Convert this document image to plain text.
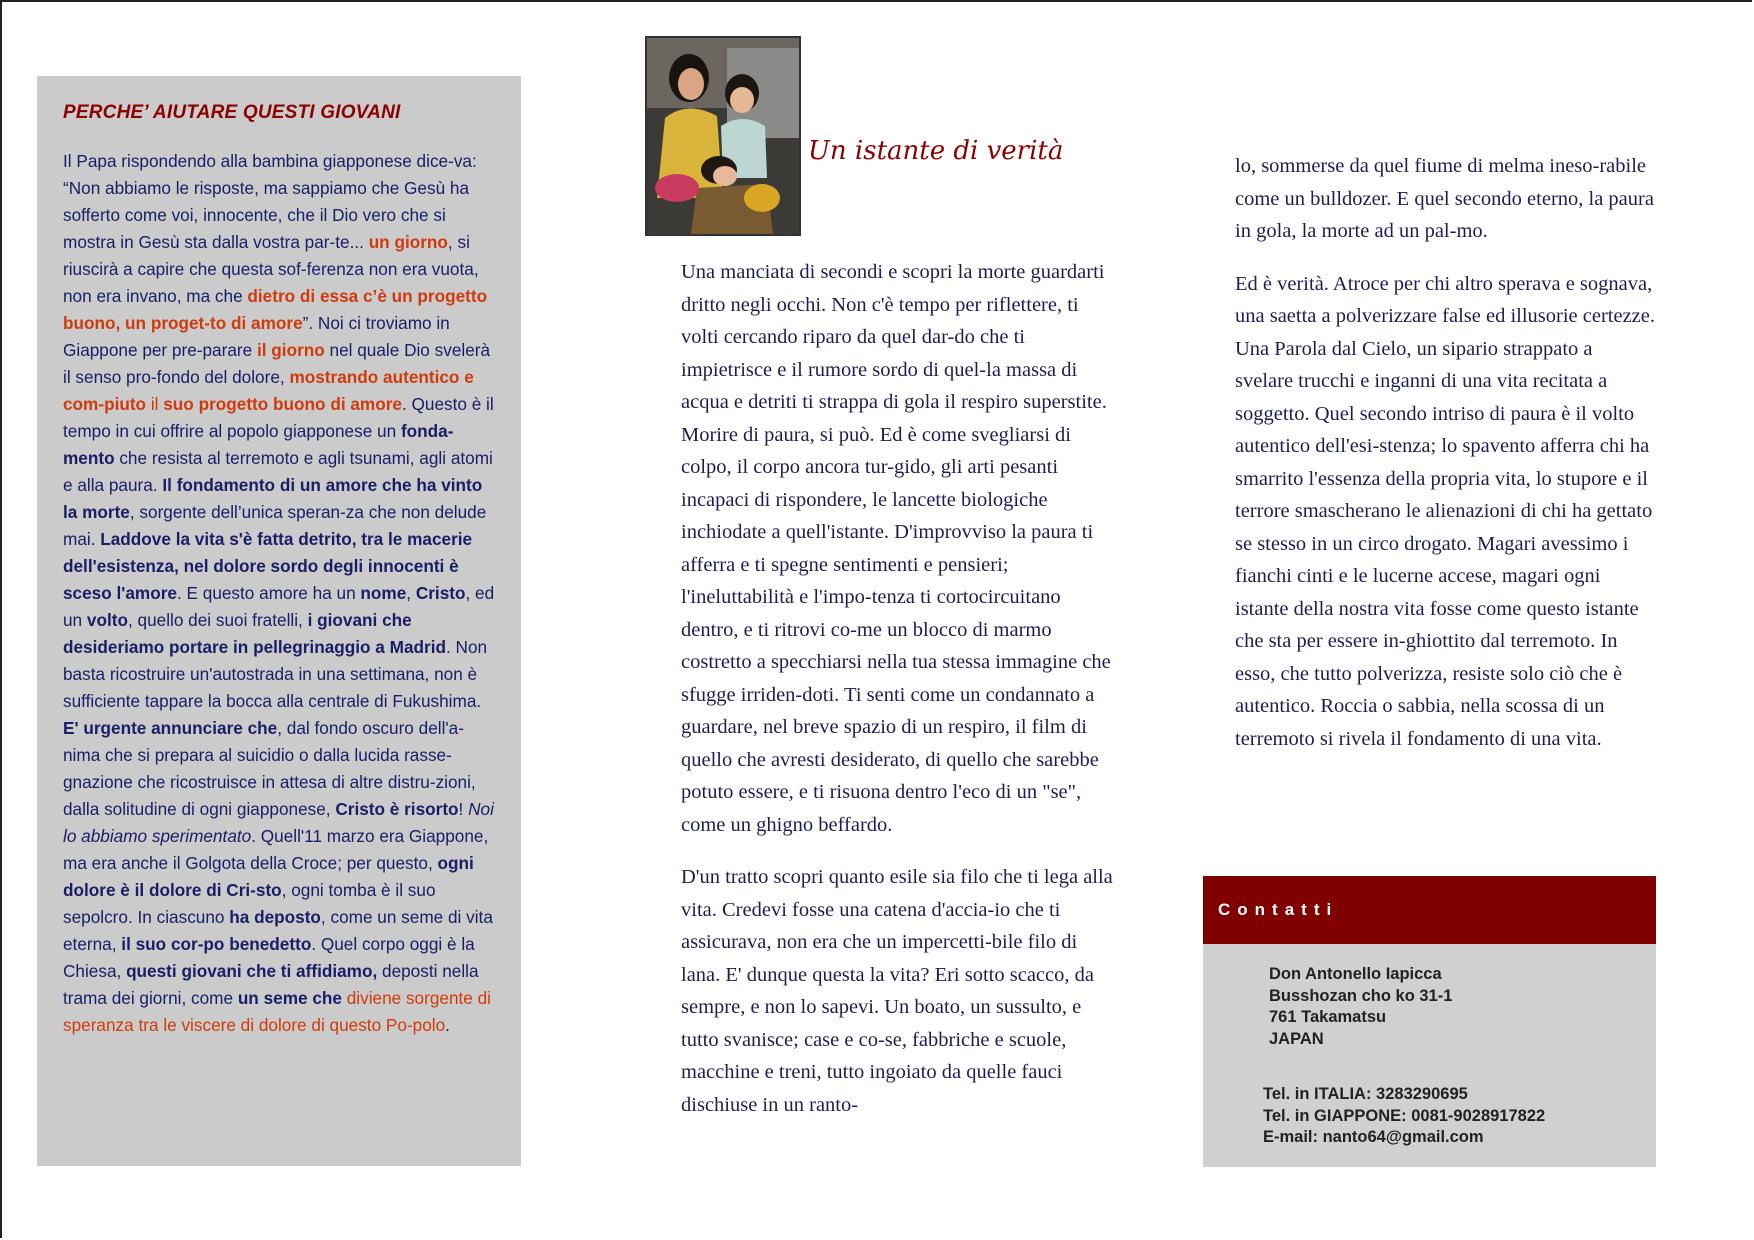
PERCHE’ AIUTARE QUESTI GIOVANI

Il Papa rispondendo alla bambina giapponese dice-va: “Non abbiamo le risposte, ma sappiamo che Gesù ha sofferto come voi, innocente, che il Dio vero che si mostra in Gesù sta dalla vostra par-te... un giorno, si riuscirà a capire che questa sof-ferenza non era vuota, non era invano, ma che dietro di essa c’è un progetto buono, un proget-to di amore”. Noi ci troviamo in Giappone per pre-parare il giorno nel quale Dio svelerà il senso pro-fondo del dolore, mostrando autentico e com-piuto il suo progetto buono di amore. Questo è il tempo in cui offrire al popolo giapponese un fonda-mento che resista al terremoto e agli tsunami, agli atomi e alla paura. Il fondamento di un amore che ha vinto la morte, sorgente dell’unica speran-za che non delude mai. Laddove la vita s'è fatta detrito, tra le macerie dell'esistenza, nel dolore sordo degli innocenti è sceso l'amore. E questo amore ha un nome, Cristo, ed un volto, quello dei suoi fratelli, i giovani che desideriamo portare in pellegrinaggio a Madrid. Non basta ricostruire un'autostrada in una settimana, non è sufficiente tappare la bocca alla centrale di Fukushima. E' urgente annunciare che, dal fondo oscuro dell'a-nima che si prepara al suicidio o dalla lucida rasse-gnazione che ricostruisce in attesa di altre distru-zioni, dalla solitudine di ogni giapponese, Cristo è risorto! Noi lo abbiamo sperimentato. Quell'11 marzo era Giappone, ma era anche il Golgota della Croce; per questo, ogni dolore è il dolore di Cri-sto, ogni tomba è il suo sepolcro. In ciascuno ha deposto, come un seme di vita eterna, il suo cor-po benedetto. Quel corpo oggi è la Chiesa, questi giovani che ti affidiamo, deposti nella trama dei giorni, come un seme che diviene sorgente di speranza tra le viscere di dolore di questo Po-polo.

Un istante di verità

Una manciata di secondi e scopri la morte guardarti dritto negli occhi. Non c'è tempo per riflettere, ti volti cercando riparo da quel dar-do che ti impietrisce e il rumore sordo di quel-la massa di acqua e detriti ti strappa di gola il respiro superstite. Morire di paura, si può. Ed è come svegliarsi di colpo, il corpo ancora tur-gido, gli arti pesanti incapaci di rispondere, le lancette biologiche inchiodate a quell'istante. D'improvviso la paura ti afferra e ti spegne sentimenti e pensieri; l'ineluttabilità e l'impo-tenza ti cortocircuitano dentro, e ti ritrovi co-me un blocco di marmo costretto a specchiarsi nella tua stessa immagine che sfugge irriden-doti. Ti senti come un condannato a guardare, nel breve spazio di un respiro, il film di quello che avresti desiderato, di quello che sarebbe potuto essere, e ti risuona dentro l'eco di un "se", come un ghigno beffardo.

D'un tratto scopri quanto esile sia filo che ti lega alla vita. Credevi fosse una catena d'accia-io che ti assicurava, non era che un impercetti-bile filo di lana. E' dunque questa la vita? Eri sotto scacco, da sempre, e non lo sapevi. Un boato, un sussulto, e tutto svanisce; case e co-se, fabbriche e scuole, macchine e treni, tutto ingoiato da quelle fauci dischiuse in un ranto-

lo, sommerse da quel fiume di melma ineso-rabile come un bulldozer. E quel secondo eterno, la paura in gola, la morte ad un pal-mo.

Ed è verità. Atroce per chi altro sperava e sognava, una saetta a polverizzare false ed illusorie certezze. Una Parola dal Cielo, un sipario strappato a svelare trucchi e inganni di una vita recitata a soggetto. Quel secondo intriso di paura è il volto autentico dell'esi-stenza; lo spavento afferra chi ha smarrito l'essenza della propria vita, lo stupore e il terrore smascherano le alienazioni di chi ha gettato se stesso in un circo drogato. Magari avessimo i fianchi cinti e le lucerne accese, magari ogni istante della nostra vita fosse come questo istante che sta per essere in-ghiottito dal terremoto. In esso, che tutto polverizza, resiste solo ciò che è autentico. Roccia o sabbia, nella scossa di un terremoto si rivela il fondamento di una vita.

Contatti
Don Antonello Iapicca
Busshozan cho ko 31-1
761 Takamatsu
JAPAN
Tel. in ITALIA: 3283290695
Tel. in GIAPPONE: 0081-9028917822
E-mail: nanto64@gmail.com
